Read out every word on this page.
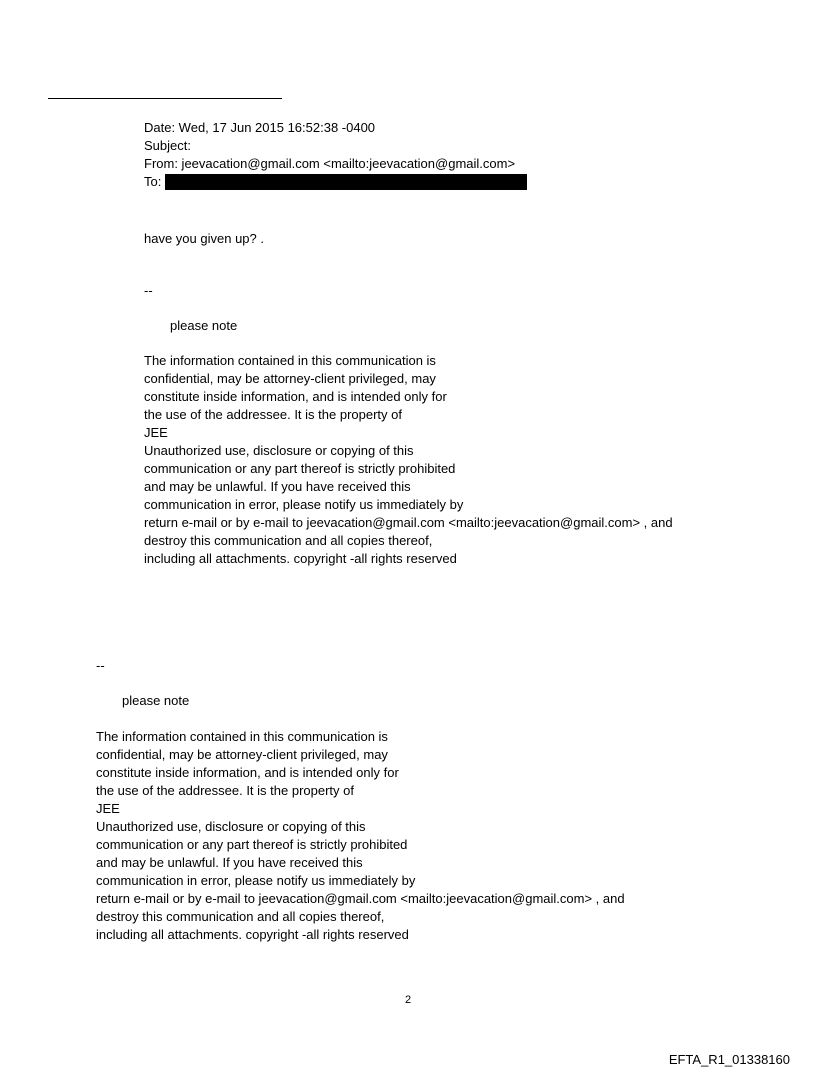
Date: Wed, 17 Jun 2015 16:52:38 -0400
Subject:
From: jeevacation@gmail.com <mailto:jeevacation@gmail.com>
To:
have you given up? .
--
please note
The information contained in this communication is
confidential, may be attorney-client privileged, may
constitute inside information, and is intended only for
the use of the addressee. It is the property of
JEE
Unauthorized use, disclosure or copying of this
communication or any part thereof is strictly prohibited
and may be unlawful. If you have received this
communication in error, please notify us immediately by
return e-mail or by e-mail to jeevacation@gmail.com <mailto:jeevacation@gmail.com> , and
destroy this communication and all copies thereof,
including all attachments. copyright -all rights reserved
--
please note
The information contained in this communication is
confidential, may be attorney-client privileged, may
constitute inside information, and is intended only for
the use of the addressee. It is the property of
JEE
Unauthorized use, disclosure or copying of this
communication or any part thereof is strictly prohibited
and may be unlawful. If you have received this
communication in error, please notify us immediately by
return e-mail or by e-mail to jeevacation@gmail.com <mailto:jeevacation@gmail.com> , and
destroy this communication and all copies thereof,
including all attachments. copyright -all rights reserved
2
EFTA_R1_01338160
